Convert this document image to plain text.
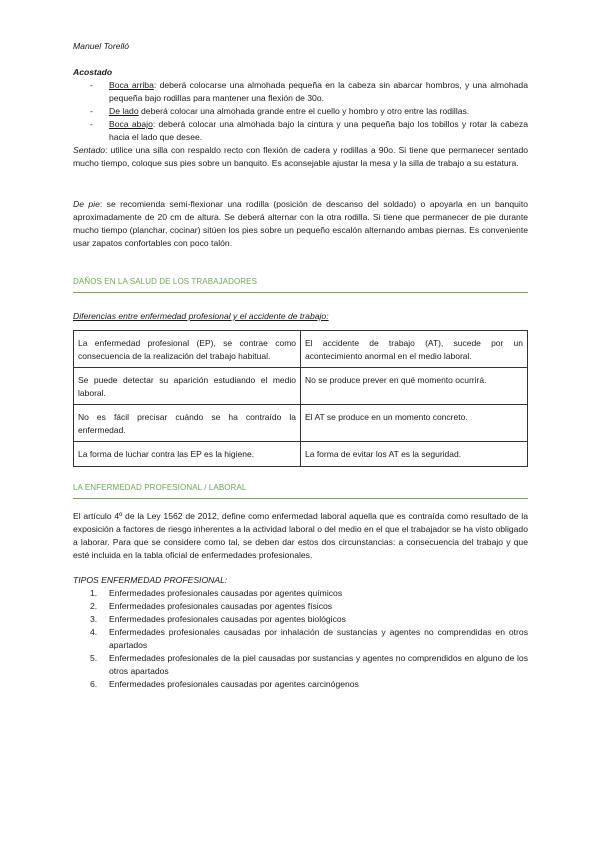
Manuel Torelló
Acostado
- Boca arriba: deberá colocarse una almohada pequeña en la cabeza sin abarcar hombros, y una almohada pequeña bajo rodillas para mantener una flexión de 30o.
- De lado deberá colocar una almohada grande entre el cuello y hombro y otro entre las rodillas.
- Boca abajo: deberá colocar una almohada bajo la cintura y una pequeña bajo los tobillos y rotar la cabeza hacia el lado que desee.
Sentado: utilice una silla con respaldo recto con flexión de cadera y rodillas a 90o. Si tiene que permanecer sentado mucho tiempo, coloque sus pies sobre un banquito. Es aconsejable ajustar la mesa y la silla de trabajo a su estatura.
De pie: se recomienda semi-flexionar una rodilla (posición de descanso del soldado) o apoyarla en un banquito aproximadamente de 20 cm de altura. Se deberá alternar con la otra rodilla. Si tiene que permanecer de pie durante mucho tiempo (planchar, cocinar) sitúen los pies sobre un pequeño escalón alternando ambas piernas. Es conveniente usar zapatos confortables con poco talón.
DAÑOS EN LA SALUD DE LOS TRABAJADORES
Diferencias entre enfermedad profesional y el accidente de trabajo:
La enfermedad profesional (EP), se contrae como consecuencia de la realización del trabajo habitual.	El accidente de trabajo (AT), sucede por un acontecimiento anormal en el medio laboral.
Se puede detectar su aparición estudiando el medio laboral.	No se produce prever en qué momento ocurrirá.
No es fácil precisar cuándo se ha contraído la enfermedad.	El AT se produce en un momento concreto.
La forma de luchar contra las EP es la higiene.	La forma de evitar los AT es la seguridad.
LA ENFERMEDAD PROFESIONAL / LABORAL
El artículo 4º de la Ley 1562 de 2012, define como enfermedad laboral aquella que es contraída como resultado de la exposición a factores de riesgo inherentes a la actividad laboral o del medio en el que el trabajador se ha visto obligado a laborar. Para que se considere como tal, se deben dar estos dos circunstancias: a consecuencia del trabajo y que esté incluida en la tabla oficial de enfermedades profesionales.
TIPOS ENFERMEDAD PROFESIONAL:
1. Enfermedades profesionales causadas por agentes químicos
2. Enfermedades profesionales causadas por agentes físicos
3. Enfermedades profesionales causadas por agentes biológicos
4. Enfermedades profesionales causadas por inhalación de sustancias y agentes no comprendidas en otros apartados
5. Enfermedades profesionales de la piel causadas por sustancias y agentes no comprendidos en alguno de los otros apartados
6. Enfermedades profesionales causadas por agentes carcinógenos
